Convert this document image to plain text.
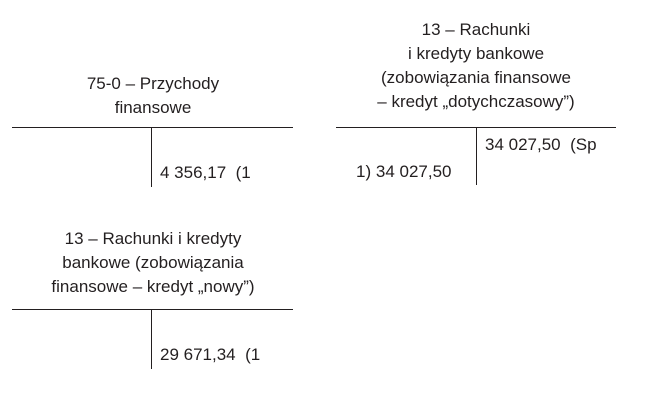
75-0 – Przychody
finansowe
4 356,17 (1
13 – Rachunki
i kredyty bankowe
(zobowiązania finansowe
– kredyt „dotychczasowy”)
34 027,50 (Sp
1) 34 027,50
13 – Rachunki i kredyty
bankowe (zobowiązania
finansowe – kredyt „nowy”)
29 671,34 (1
